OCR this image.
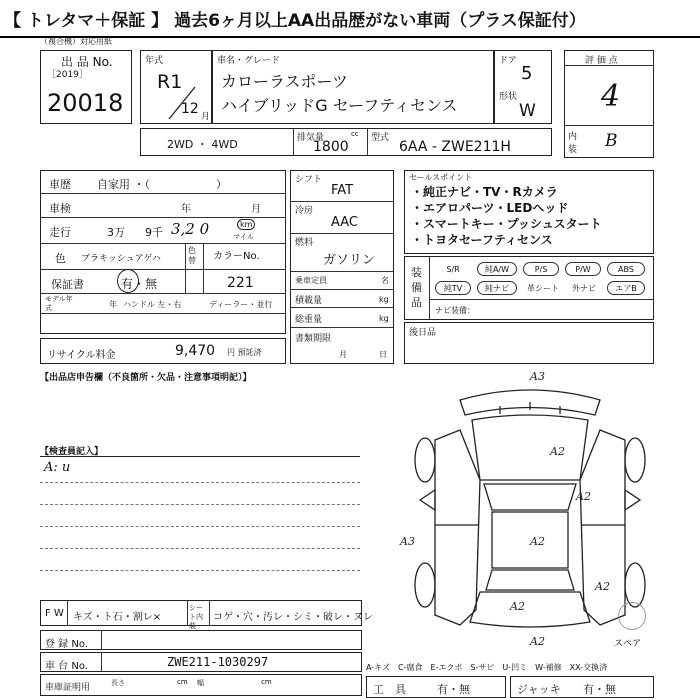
【 トレタマ＋保証 】 過去6ヶ月以上AA出品歴がない車両（プラス保証付）
（複合機）対応用紙
出 品 No.
［2019］
20018
年式
R1
12 月
車名・グレード
カローラスポーツ
ハイブリッドG セーフティセンス
ドア
5
形状
W
評 価 点
4
内装 B
2WD ・ 4WD	排気量	cc
1800
型式
6AA - ZWE211H
車歴 自家用 ・（　　　　　　）
車検	年	月
走行	3万 9千 3,2 0	km
マイル
色 ブラキッシュアゲハ
色替	カラーNo.
保証書	有・無	221
モデル年式	年 ハンドル 左・右	ディーラー・並行
リサイクル料金	9,470 円 預託済
シフト
FAT
冷房
AAC
燃料
ガソリン
乗車定員	名
積載量	kg
総重量	kg
書類期限
月	日
セールスポイント
・純正ナビ・TV・Rカメラ
・エアロパーツ・LEDヘッド
・スマートキー・プッシュスタート
・トヨタセーフティセンス
装備品
S/R	純A/W	P/S	P/W	ABS
純TV	純ナビ	革シート	外ナビ	エアB
ナビ装備：
後日品
【出品店申告欄（不良箇所・欠品・注意事項明記）】
【検査員記入】
A: u
A3
A2
A2
A2
A3
A2
A2
A2	スペア
F W キズ・ト石・割レ×
シート内装
コゲ・穴・汚レ・シミ・破レ・ヌレ
登 録 No.
車 台 No.	ZWE211-1030297
車庫証明用	長さ	cm 幅	cm
A-キズ　C-腐食　E-エクボ　S-サビ　U-凹ミ　W-補修　XX-交換済
工　具	有・無	ジャッキ 有・無
